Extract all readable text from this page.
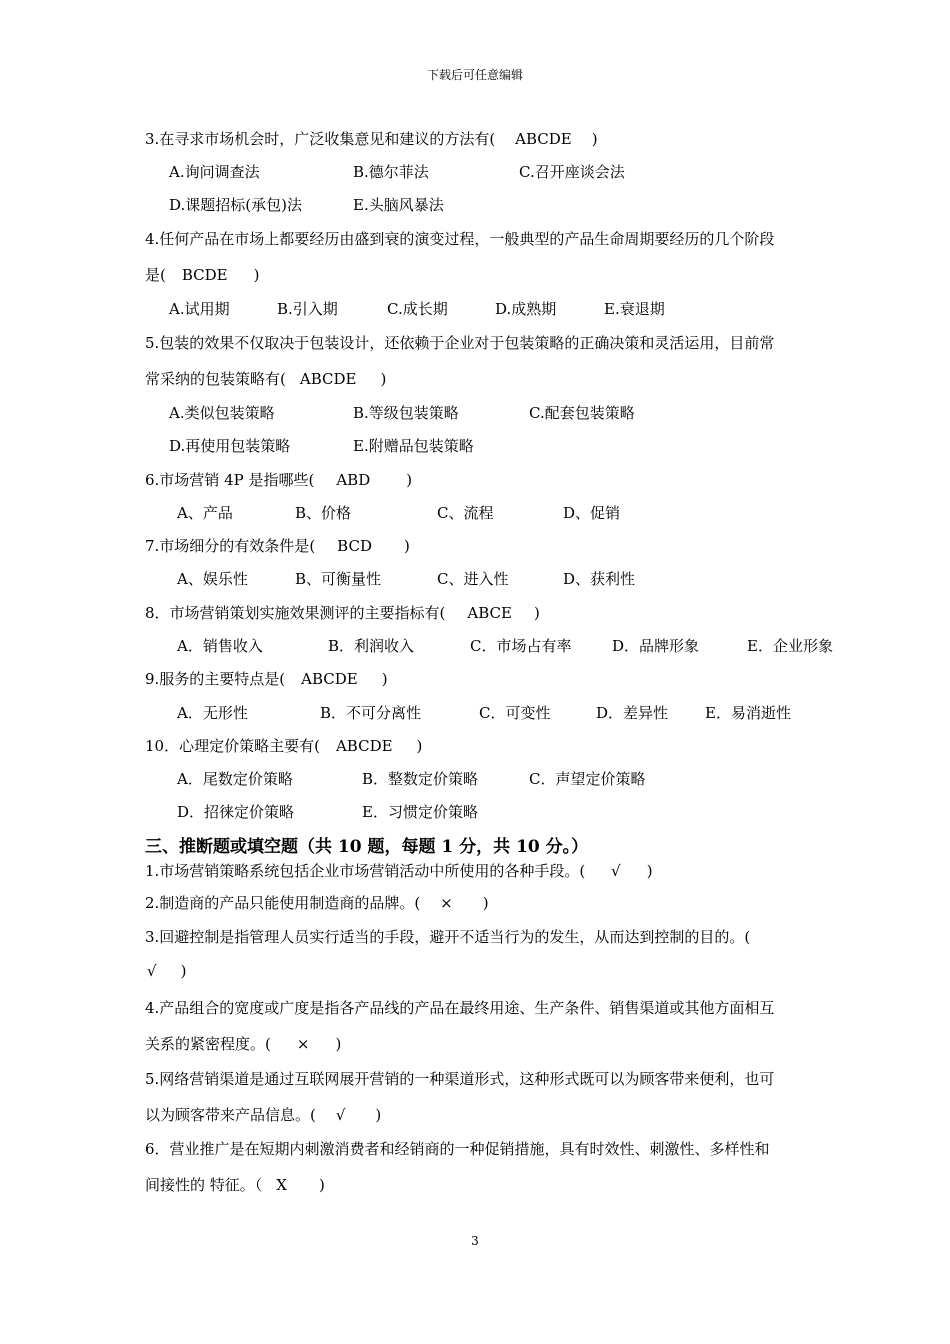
下载后可任意编辑
3.在寻求市场机会时，广泛收集意见和建议的方法有( ABCDE )
A.询问调查法	B.德尔菲法	C.召开座谈会法
D.课题招标(承包)法	E.头脑风暴法
4.任何产品在市场上都要经历由盛到衰的演变过程，一般典型的产品生命周期要经历的几个阶段
是( BCDE )
A.试用期	B.引入期	C.成长期	D.成熟期	E.衰退期
5.包装的效果不仅取决于包装设计，还依赖于企业对于包装策略的正确决策和灵活运用，目前常
常采纳的包装策略有( ABCDE )
A.类似包装策略	B.等级包装策略	C.配套包装策略
D.再使用包装策略	E.附赠品包装策略
6.市场营销 4P 是指哪些( ABD )
A、产品	B、价格	C、流程	D、促销
7.市场细分的有效条件是( BCD )
A、娱乐性	B、可衡量性	C、进入性	D、获利性
8．市场营销策划实施效果测评的主要指标有( ABCE )
A．销售收入	B．利润收入	C．市场占有率	D．品牌形象	E．企业形象
9.服务的主要特点是( ABCDE )
A．无形性	B．不可分离性	C．可变性	D．差异性 E．易消逝性
10．心理定价策略主要有( ABCDE )
A．尾数定价策略	B．整数定价策略	C．声望定价策略
D．招徕定价策略	E．习惯定价策略
三、推断题或填空题（共 10 题，每题 1 分，共 10 分。）
1.市场营销策略系统包括企业市场营销活动中所使用的各种手段。( √ )
2.制造商的产品只能使用制造商的品牌。( × )
3.回避控制是指管理人员实行适当的手段，避开不适当行为的发生，从而达到控制的目的。(
√ )
4.产品组合的宽度或广度是指各产品线的产品在最终用途、生产条件、销售渠道或其他方面相互
关系的紧密程度。( × )
5.网络营销渠道是通过互联网展开营销的一种渠道形式，这种形式既可以为顾客带来便利，也可
以为顾客带来产品信息。( √ )
6．营业推广是在短期内刺激消费者和经销商的一种促销措施，具有时效性、刺激性、多样性和
间接性的 特征。（ X )
3
